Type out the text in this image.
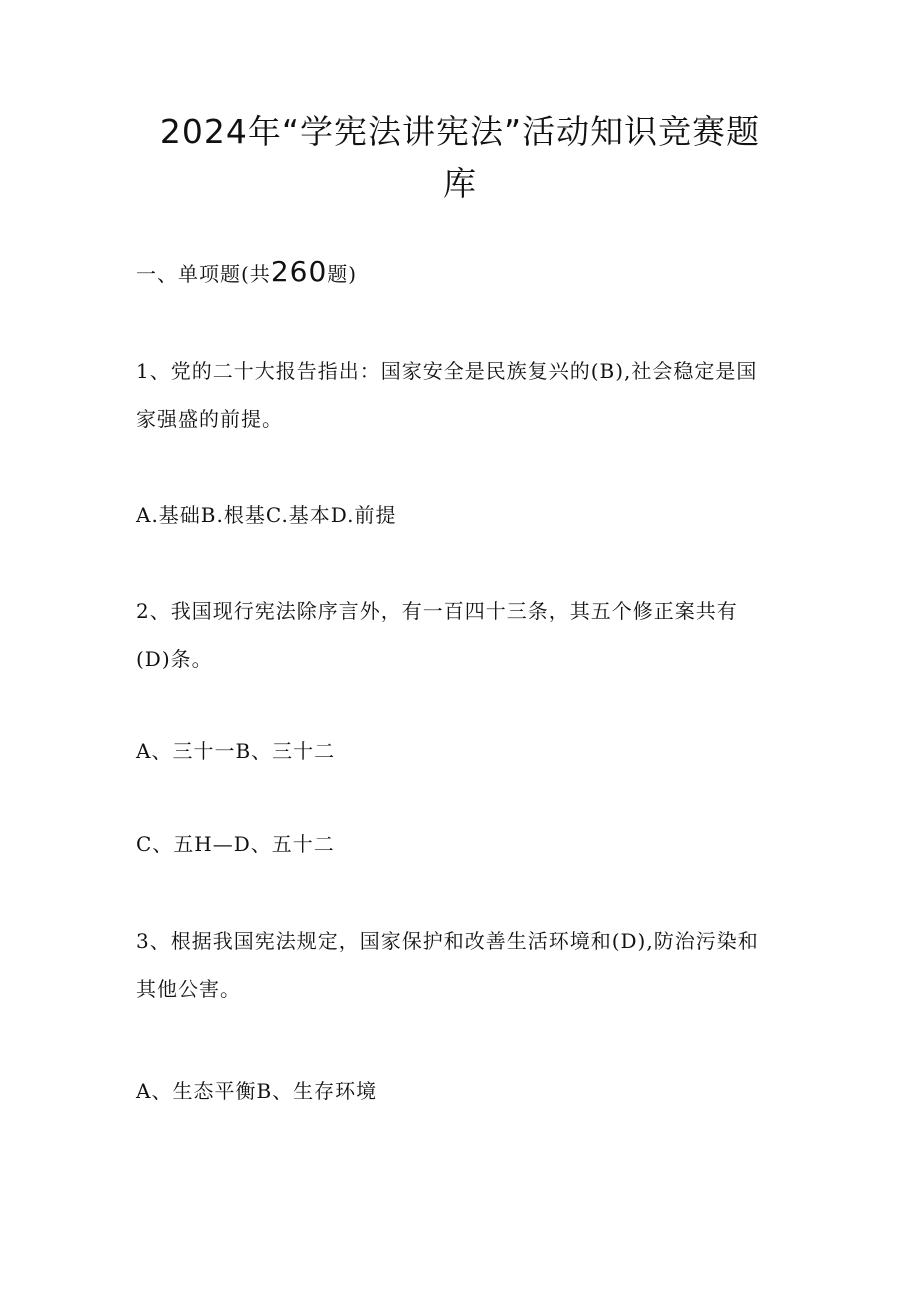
2024年“学宪法讲宪法”活动知识竞赛题
库
一、单项题(共260题)
1、党的二十大报告指出：国家安全是民族复兴的(B),社会稳定是国
家强盛的前提。
A.基础B.根基C.基本D.前提
2、我国现行宪法除序言外，有一百四十三条，其五个修正案共有
(D)条。
A、三十一B、三十二
C、五H—D、五十二
3、根据我国宪法规定，国家保护和改善生活环境和(D),防治污染和
其他公害。
A、生态平衡B、生存环境
